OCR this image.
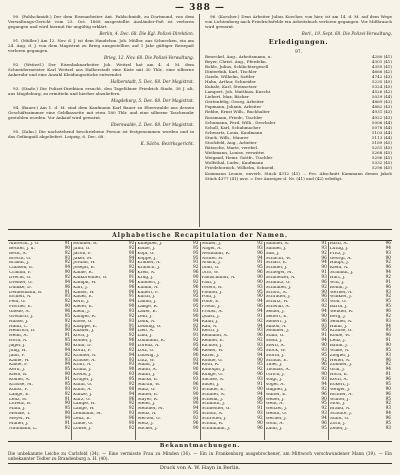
— 388 —

90. (Pahlschmidt.) Der dem Eisenarbeiter Ant. Pahlschmidt, zu Dortmund, von dem Verwaltungs-Gericht vom 23. Oct. 1868 ausgestellte Ausländer-Paß ist verloren gegangen und wird hiermit für ungültig erklärt.

Berlin, 4. Dec. 68. Die Kgl. Polizei-Direktion.

91. (Müller.) Am 12. Nov. d. J. ist dem Handelsm. Joh. Müller, aus Schnecken, ein am 24. Aug. d. J. von dem Magistrat zu Brieg ausgestellter, auf 1 Jahr gültiger Reisepaß verloren gegangen.

Brieg, 12. Nov. 68. Die Polizei-Verwaltung.

92. (Weitzel.) Der Eisenbahnarbeiter Joh. Weitzel hat am 4. d. M. dem Schneidermeister Karl Weitzel aus Halberstadt eine Kiste mit 30 Thlr., eine silberne Ankeruhr und eine Anzahl Kleidungsstücke entwendet.

Halberstadt, 5. Dec. 68. Der Magistrat.

93. (Stade.) Die Polizei-Direktion ersucht, den Tagelöhner Friedrich Stade, 38 J. alt, aus Magdeburg, zu ermitteln und hierher abzuliefern.

Magdeburg, 5. Dec. 68. Der Magistrat.

94. (Bauer.) Am 1. d. M. sind dem Kaufmann Karl Bauer zu Eberswalde aus dessen Geschäftszimmer eine Geldkassette mit etwa 180 Thlr. und eine silberne Taschenuhr gestohlen worden. Vor Ankauf wird gewarnt.

Eberswalde, 2. Dec. 68. Der Magistrat.

95. (Zahn.) Die nachstehend beschriebene Person ist festgenommen worden und in das Gefängniß abgeliefert. Leipzig, 6. Dec. 68.

K. Sächs. Bezirksgericht.

96. (Koecher.) Dem Arbeiter Julius Koecher, von hier, ist am 14. d. M. auf dem Wege von Lichtenberg nach Friedrichsfelde ein Arbeitsbuch verloren gegangen. Vor Mißbrauch wird gewarnt.

Berl., 19. Sept. 68. Die Polizei-Verwaltung.
Erledigungen.
97.
Beneckel, Aug., Arbeitsmann, u.	4280 (41)
Beyer, Christ. Aug., Pferdekn.	4301 (41)
Bohle, Julius, Schlächtergesell	4355 (41)
Dinterfink, Karl, Tischler	4666 (42)
Gaede, Wilhelm, Sattler	4742 (43)
Hahn, Arthur, Schneider	5235 (45)
Kubale, Karl, Steinsetzer	5324 (45)
Lampert, Joh. Matthias, Knecht	4526 (42)
Liebert, Max, Bäcker	5029 (44)
Oertenfelig, Georg, Arbeiter	4869 (43)
Papmann, Johann, Arbeiter	4882 (43)
Rebbe, Ernst Wilh., Buchhalter	4931 (43)
Rossmann, Friedr., Tischler	4922 (43)
Schumann, Ferd. Wilh., Drechsler	5006 (44)
Scholl, Karl, Schuhmacher	5078 (44)
Schwartz, Louis, Kaufmann	5103 (44)
Stuck, Wilh., Maurer	5113 (44)
Stockfeld, Aug., Arbeiter	5189 (45)
Rätzsche, Marie, verehel.	5251 (45)
Weihmann, Louise, verwittw.	5268 (45)
Weigand, Heinr. Gottfr., Tischler	5296 (45)
Wolfsthal, Ludw., Kaufmann	5332 (45)
Friedebornich, Wilhelm, Schneid.	5296 (45)

Kommann Leonie, unverh. Stück 4312 (41) ... Pro. Abschnitt Kammann denen Jakob Stück 4377 (41) usw. = Der Anzeiger d. Nr. (41) und (42) erledigt.

Alphabetische Recapitulation der Namen.
Albrecht, J. G.	91
Becker, J. u.	90
Beck, A.	92
Brecht, G.	93
Brandt, J.	92
Claasen, E.	94
Cramm, P.	90
Drecht, G.	92
Dreßler, G.	94
Dümke, D.	96
Dennemann, B.	91
Eickelt, A.	93
Feld, G.	92
Fischer, E.	90
Gaede, A.	96
Greulich, J.	95
Haase, J.	92
Hahn, C.	93
Heinrich, D.	90
Heim, A.	91
Horn, A.	95
Jäger, J.	90
Jung, H.	94
Jahn, P.	92
Kahle, W.	93
Kalde, P.	94
Kern, J.	95
Klein, B.	90
Köhler, A.	91
Krause, M.	95
Kunst, F.	93
Lange, E.	92
Lenz, H.	91
Lorenz, B.	90
Mahl, J.	95
Mende, T.	90
Meyer, W.	94
Müller, J.	91
Naumann, L.	92
Hollmer, R.	93
Jahn, G.	92
Jacob, P.	90
Jäkel, M.	94
Jordan, W.	93
Joseph, B.	92
Kahle, R.	96
Kalkbrenner, G.	91
Kamph, W.	96
Karl, J.	96
Kaiser, W.	96
Kauer, E.	91
Kern, J.	94
Kiefer, E.	90
Klein, J.	93
Klinger, R.	92
Klose, G.	93
Knappe, E.	91
Knauer, J.	90
Koch, J.	92
Köhler, J.	96
Kohn, D.	90
Koral, F.	92
Krämer, A.	94
Krause, A.	93
Kraft, A.	93
Kranz, J.	90
Krebs, J.	93
Krüger, J.	95
Kühn, G.	92
Kuhn, A.	90
Kunze, J.	94
Kurz, G.	96
Lampe, H.	92
Lange, W.	92
Lehmann, M.	93
Lenz, B.	96
Linde, G.	90
Lohse, J.	92
Kniepbel, J.	93
Kolbe, J.	95
Kopf, G.	95
Koppe, J.	95
Kramer, A.	91
Kranich, J.	92
Kreß, A.	96
Krug, J.	90
Kuhnert, J.	92
Kumm, A.	96
Kunert, F.	91
Kurth, J.	95
Lamm, J.	90
Lange, R.	95
Lauer, B.	93
Lehr, J.	90
Lenk, A.	94
Lessing, G.	92
Lieb, A.	93
Lind, J.	91
Lohmann, R.	92
Lorenz, A.	95
Lotz, G.	96
Ludwig, J.	90
Lutz, W.	93
Maaß, J.	94
Mahn, A.	90
Mann, J.	96
Marks, E.	93
Martin, W.	96
Matz, G.	91
Mauer, E.	90
Mayer, R.	94
Meier, J.	90
Meißner, M.	94
Menz, A.	95
Merten, G.	92
Metz, J.	96
Michel, J.	90
Müller, J.	92
Nagel, A.	93
Neumann, R.	96
Nickel, H.	94
Noack, J.	91
Ohm, G.	95
Otto, W.	96
Pahlschmidt, A.	90
Paul, J.	90
Peters, R.	93
Pfeiffer, J.	95
Pohl, J.	90
Polte, E.	94
Preuß, J.	96
Probst, A.	94
Quast, J.	91
Rahn, J.	92
Rau, A.	94
Reich, J.	93
Reimann, A.	96
Renner, E.	92
Richter, J.	93
Riedel, W.	95
Ritter, J.	94
Rohde, G.	90
Roth, R.	95
Rudolph, J.	92
Runge, G.	96
Sachse, A.	93
Sauer, J.	91
Schade, E.	90
Schäfer, A.	94
Schenk, J.	96
Schmidt, J.	95
Schneider, G.	91
Scholz, A.	93
Schröder, J.	92
Schulz, R.	90
Schumann, J.	96
Samuel, A.	91
Sander, J.	93
Saß, J.	92
Schacht, W.	96
Scharf, E.	94
Schiller, J.	90
Schlegel, M.	91
Schmelzer, A.	93
Schmitz, G.	96
Schnabel, J.	92
Schott, A.	90
Schrader, J.	96
Schütz, W.	93
Schwab, A.	92
Seidel, J.	94
Seifert, E.	90
Siebert, J.	96
Simon, A.	93
Sommer, J.	95
Stahl, G.	91
Stein, J.	94
Stern, A.	90
Stock, W.	93
Storm, J.	95
Strauß, E.	92
Thiel, J.	96
Thomas, A.	92
Ulrich, J.	90
Voigt, J.	93
Vogel, A.	94
Wagner, J.	92
Walter, E.	96
Weber, J.	90
Weiß, A.	95
Weitzel, J.	92
Wendt, G.	93
Werner, J.	94
Wolff, A.	96
Zahn, J.	95
Bach, A.	96
Lüttig, J.	94
Fritz, J.	93
Georgi, A.	90
Haupt, J.	92
Klein, A.	96
Schmidt, J.	94
Hart, J.	92
Witt, J.	91
Böhm, J.	96
Werner, A.	93
Winkler, J.	92
Wolf, G.	95
Barth, J.	95
Wendel, R.	96
Berg, J.	92
Seidler, A.	93
Hahn, J.	94
Krause, G.	93
Kolbe, W.	96
Lenz, J.	91
Baum, J.	90
Wilke, A.	95
Ziegler, J.	93
Heller, A.	96
Zimmer, J.	92
Graf, J.	94
Horn, E.	91
Koch, A.	96
Eckert, J.	95
Weigel, J.	90
Richter, A.	96
Winter, J.	95
Moll, J.	92
Brand, A.	93
Schulte, J.	94
Stark, G.	96
Zorn, J.	95
Zeller, J.	93
Bekanntmachungen.
Die unbekannte Leiche zu Carlsfeld (34). — Eine vermisste Frau zu Minden (36). — Ein in Frankenburg ausgebrochener, am Mittwoch verschwundener Mann (39). — Ein unbekannter Todter zu Brandenburg a. H. (40).
Druck von A. W. Hayn in Berlin.
